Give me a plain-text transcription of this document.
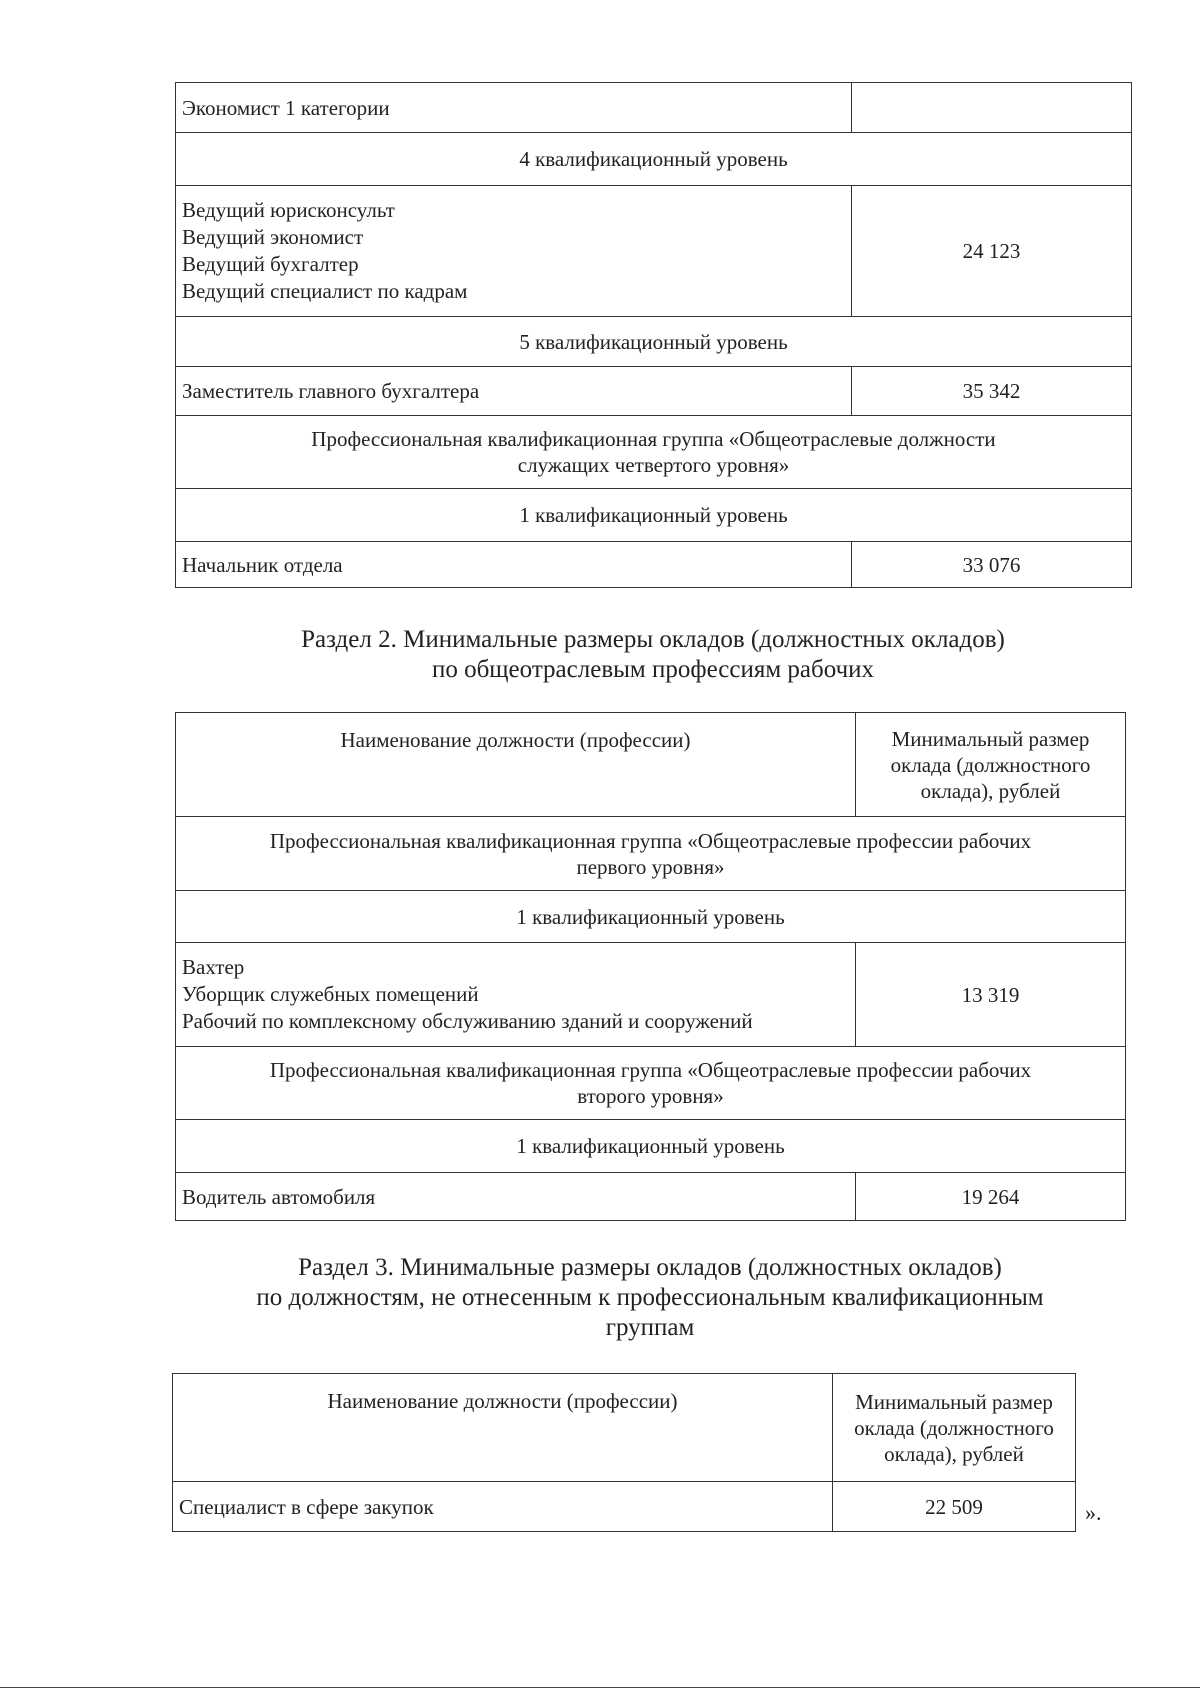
Экономист 1 категории	
4 квалификационный уровень	

Ведущий юрисконсульт
Ведущий экономист
Ведущий бухгалтер
Ведущий специалист по кадрам	24 123
5 квалификационный уровень	
Заместитель главного бухгалтера	35 342

Профессиональная квалификационная группа «Общеотраслевые должности
служащих четвертого уровня»	

1 квалификационный уровень	
Начальник отдела	33 076
Раздел 2. Минимальные размеры окладов (должностных окладов)
по общеотраслевым профессиям рабочих
Наименование должности (профессии)	Минимальный размер
оклада (должностного
оклада), рублей

Профессиональная квалификационная группа «Общеотраслевые профессии рабочих
первого уровня»	

1 квалификационный уровень	

Вахтер
Уборщик служебных помещений
Рабочий по комплексному обслуживанию зданий и сооружений	13 319

Профессиональная квалификационная группа «Общеотраслевые профессии рабочих
второго уровня»	

1 квалификационный уровень	
Водитель автомобиля	19 264
Раздел 3. Минимальные размеры окладов (должностных окладов)
по должностям, не отнесенным к профессиональным квалификационным
группам
Наименование должности (профессии)	Минимальный размер
оклада (должностного
оклада), рублей

Специалист в сфере закупок	22 509	».
